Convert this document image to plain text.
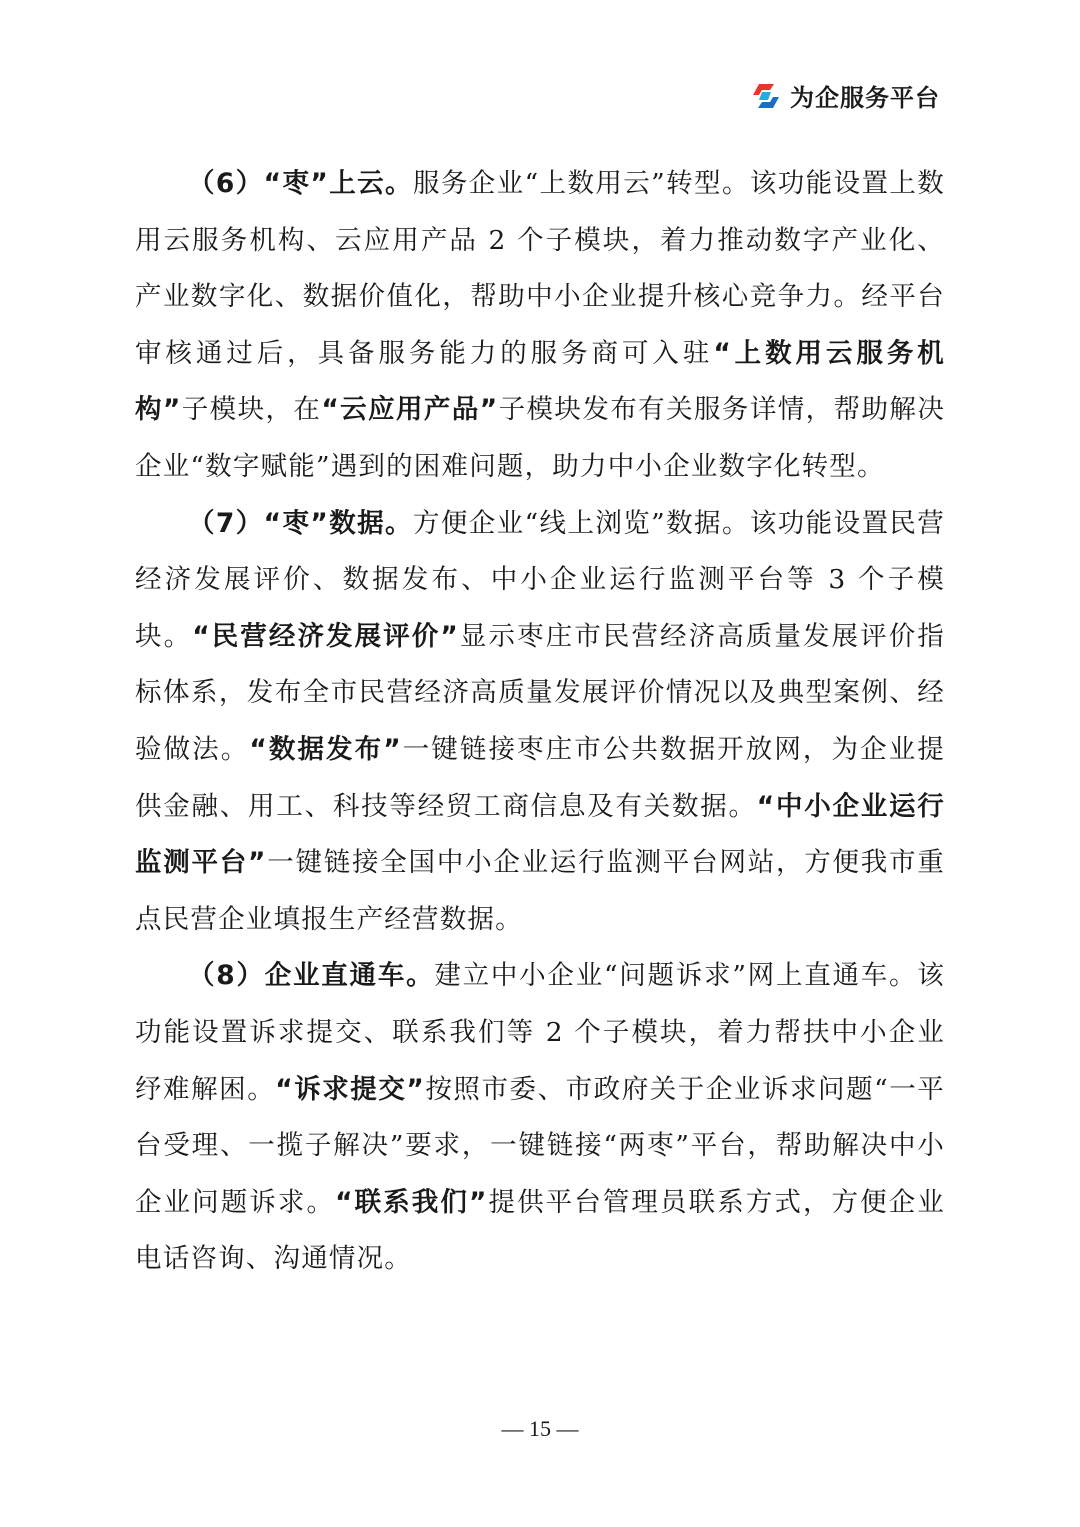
为企服务平台

（6）“枣”上云。服务企业“上数用云”转型。该功能设置上数用云服务机构、云应用产品 2 个子模块，着力推动数字产业化、产业数字化、数据价值化，帮助中小企业提升核心竞争力。经平台审核通过后，具备服务能力的服务商可入驻“上数用云服务机构”子模块，在“云应用产品”子模块发布有关服务详情，帮助解决企业“数字赋能”遇到的困难问题，助力中小企业数字化转型。

（7）“枣”数据。方便企业“线上浏览”数据。该功能设置民营经济发展评价、数据发布、中小企业运行监测平台等 3 个子模块。“民营经济发展评价”显示枣庄市民营经济高质量发展评价指标体系，发布全市民营经济高质量发展评价情况以及典型案例、经验做法。“数据发布”一键链接枣庄市公共数据开放网，为企业提供金融、用工、科技等经贸工商信息及有关数据。“中小企业运行监测平台”一键链接全国中小企业运行监测平台网站，方便我市重点民营企业填报生产经营数据。

（8）企业直通车。建立中小企业“问题诉求”网上直通车。该功能设置诉求提交、联系我们等 2 个子模块，着力帮扶中小企业纾难解困。“诉求提交”按照市委、市政府关于企业诉求问题“一平台受理、一揽子解决”要求，一键链接“两枣”平台，帮助解决中小企业问题诉求。“联系我们”提供平台管理员联系方式，方便企业电话咨询、沟通情况。

— 15 —
